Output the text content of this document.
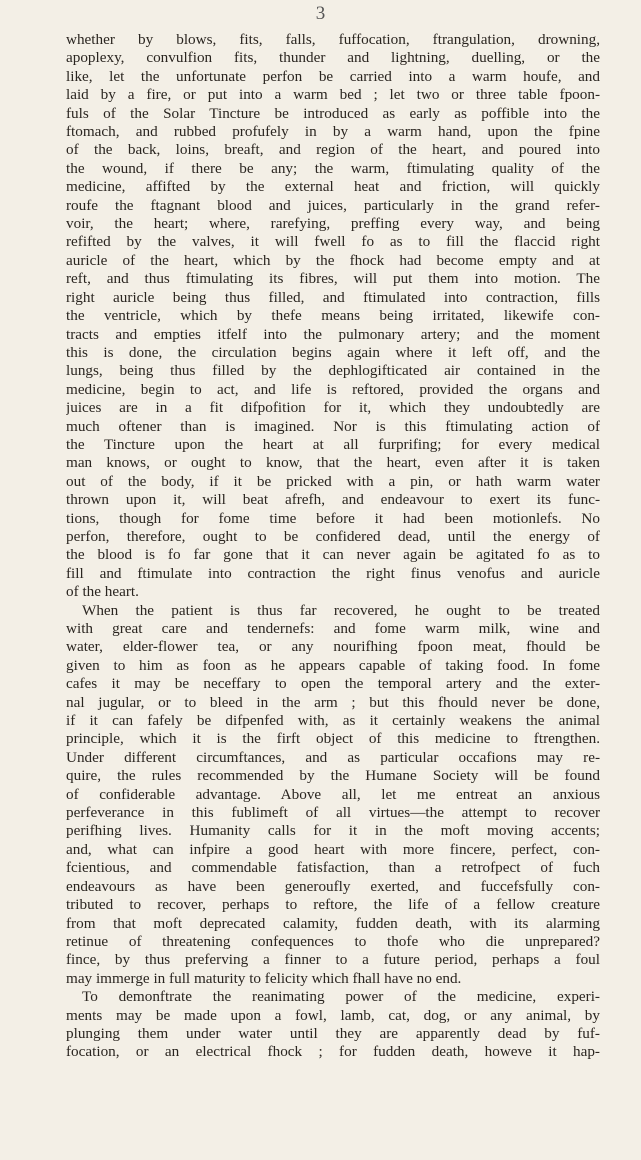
3
whether by blows, fits, falls, fuffocation, ftrangulation, drowning,
apoplexy, convulfion fits, thunder and lightning, duelling, or the
like, let the unfortunate perfon be carried into a warm houfe, and
laid by a fire, or put into a warm bed ; let two or three table fpoon-
fuls of the Solar Tincture be introduced as early as poffible into the
ftomach, and rubbed profufely in by a warm hand, upon the fpine
of the back, loins, breaft, and region of the heart, and poured into
the wound, if there be any; the warm, ftimulating quality of the
medicine, affifted by the external heat and friction, will quickly
roufe the ftagnant blood and juices, particularly in the grand refer-
voir, the heart; where, rarefying, preffing every way, and being
refifted by the valves, it will fwell fo as to fill the flaccid right
auricle of the heart, which by the fhock had become empty and at
reft, and thus ftimulating its fibres, will put them into motion. The
right auricle being thus filled, and ftimulated into contraction, fills
the ventricle, which by thefe means being irritated, likewife con-
tracts and empties itfelf into the pulmonary artery; and the moment
this is done, the circulation begins again where it left off, and the
lungs, being thus filled by the dephlogifticated air contained in the
medicine, begin to act, and life is reftored, provided the organs and
juices are in a fit difpofition for it, which they undoubtedly are
much oftener than is imagined. Nor is this ftimulating action of
the Tincture upon the heart at all furprifing; for every medical
man knows, or ought to know, that the heart, even after it is taken
out of the body, if it be pricked with a pin, or hath warm water
thrown upon it, will beat afrefh, and endeavour to exert its func-
tions, though for fome time before it had been motionlefs. No
perfon, therefore, ought to be confidered dead, until the energy of
the blood is fo far gone that it can never again be agitated fo as to
fill and ftimulate into contraction the right finus venofus and auricle
of the heart.
When the patient is thus far recovered, he ought to be treated
with great care and tendernefs: and fome warm milk, wine and
water, elder-flower tea, or any nourifhing fpoon meat, fhould be
given to him as foon as he appears capable of taking food. In fome
cafes it may be neceffary to open the temporal artery and the exter-
nal jugular, or to bleed in the arm ; but this fhould never be done,
if it can fafely be difpenfed with, as it certainly weakens the animal
principle, which it is the firft object of this medicine to ftrengthen.
Under different circumftances, and as particular occafions may re-
quire, the rules recommended by the Humane Society will be found
of confiderable advantage. Above all, let me entreat an anxious
perfeverance in this fublimeft of all virtues—the attempt to recover
perifhing lives. Humanity calls for it in the moft moving accents;
and, what can infpire a good heart with more fincere, perfect, con-
fcientious, and commendable fatisfaction, than a retrofpect of fuch
endeavours as have been generoufly exerted, and fuccefsfully con-
tributed to recover, perhaps to reftore, the life of a fellow creature
from that moft deprecated calamity, fudden death, with its alarming
retinue of threatening confequences to thofe who die unprepared?
fince, by thus preferving a finner to a future period, perhaps a foul
may immerge in full maturity to felicity which fhall have no end.
To demonftrate the reanimating power of the medicine, experi-
ments may be made upon a fowl, lamb, cat, dog, or any animal, by
plunging them under water until they are apparently dead by fuf-
focation, or an electrical fhock ; for fudden death, howeve it hap-
